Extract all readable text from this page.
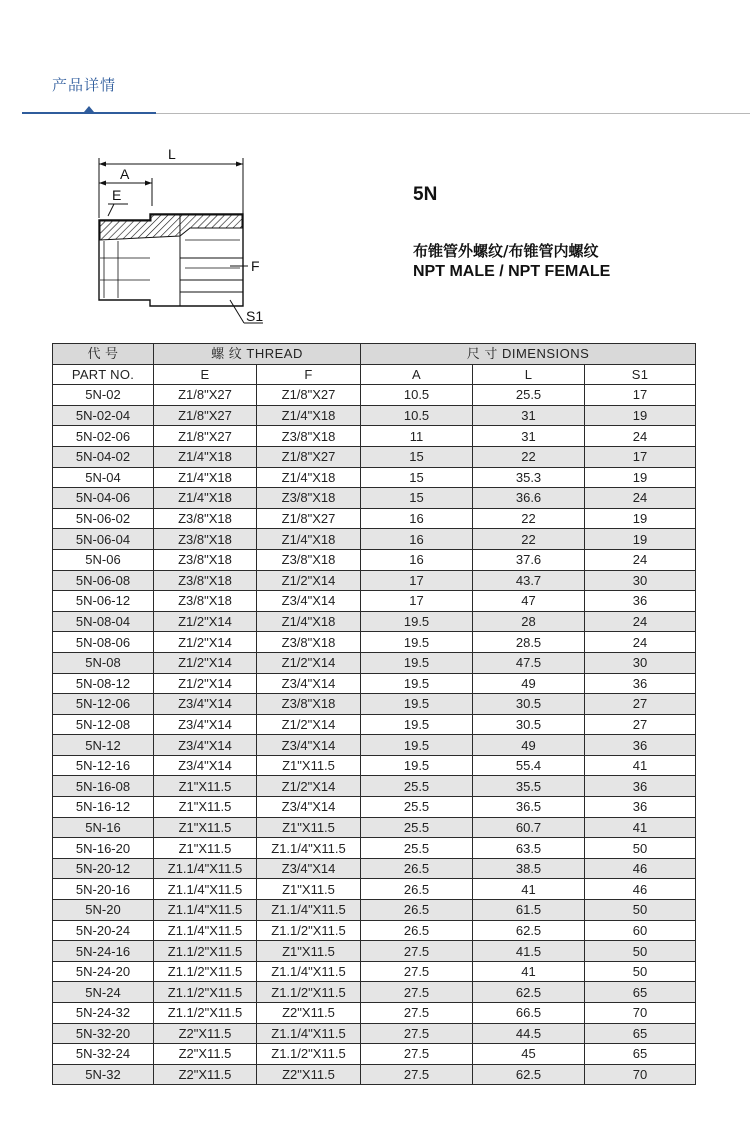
产品详情
L
A
E
F
S1
5N
布锥管外螺纹/布锥管内螺纹
NPT MALE / NPT FEMALE
代 号	螺 纹 THREAD		尺 寸 DIMENSIONS		
PART NO.	E	F	A	L	S1
5N-02	Z1/8"X27	Z1/8"X27	10.5	25.5	17
5N-02-04	Z1/8"X27	Z1/4"X18	10.5	31	19
5N-02-06	Z1/8"X27	Z3/8"X18	11	31	24
5N-04-02	Z1/4"X18	Z1/8"X27	15	22	17
5N-04	Z1/4"X18	Z1/4"X18	15	35.3	19
5N-04-06	Z1/4"X18	Z3/8"X18	15	36.6	24
5N-06-02	Z3/8"X18	Z1/8"X27	16	22	19
5N-06-04	Z3/8"X18	Z1/4"X18	16	22	19
5N-06	Z3/8"X18	Z3/8"X18	16	37.6	24
5N-06-08	Z3/8"X18	Z1/2"X14	17	43.7	30
5N-06-12	Z3/8"X18	Z3/4"X14	17	47	36
5N-08-04	Z1/2"X14	Z1/4"X18	19.5	28	24
5N-08-06	Z1/2"X14	Z3/8"X18	19.5	28.5	24
5N-08	Z1/2"X14	Z1/2"X14	19.5	47.5	30
5N-08-12	Z1/2"X14	Z3/4"X14	19.5	49	36
5N-12-06	Z3/4"X14	Z3/8"X18	19.5	30.5	27
5N-12-08	Z3/4"X14	Z1/2"X14	19.5	30.5	27
5N-12	Z3/4"X14	Z3/4"X14	19.5	49	36
5N-12-16	Z3/4"X14	Z1"X11.5	19.5	55.4	41
5N-16-08	Z1"X11.5	Z1/2"X14	25.5	35.5	36
5N-16-12	Z1"X11.5	Z3/4"X14	25.5	36.5	36
5N-16	Z1"X11.5	Z1"X11.5	25.5	60.7	41
5N-16-20	Z1"X11.5	Z1.1/4"X11.5	25.5	63.5	50
5N-20-12	Z1.1/4"X11.5	Z3/4"X14	26.5	38.5	46
5N-20-16	Z1.1/4"X11.5	Z1"X11.5	26.5	41	46
5N-20	Z1.1/4"X11.5	Z1.1/4"X11.5	26.5	61.5	50
5N-20-24	Z1.1/4"X11.5	Z1.1/2"X11.5	26.5	62.5	60
5N-24-16	Z1.1/2"X11.5	Z1"X11.5	27.5	41.5	50
5N-24-20	Z1.1/2"X11.5	Z1.1/4"X11.5	27.5	41	50
5N-24	Z1.1/2"X11.5	Z1.1/2"X11.5	27.5	62.5	65
5N-24-32	Z1.1/2"X11.5	Z2"X11.5	27.5	66.5	70
5N-32-20	Z2"X11.5	Z1.1/4"X11.5	27.5	44.5	65
5N-32-24	Z2"X11.5	Z1.1/2"X11.5	27.5	45	65
5N-32	Z2"X11.5	Z2"X11.5	27.5	62.5	70
